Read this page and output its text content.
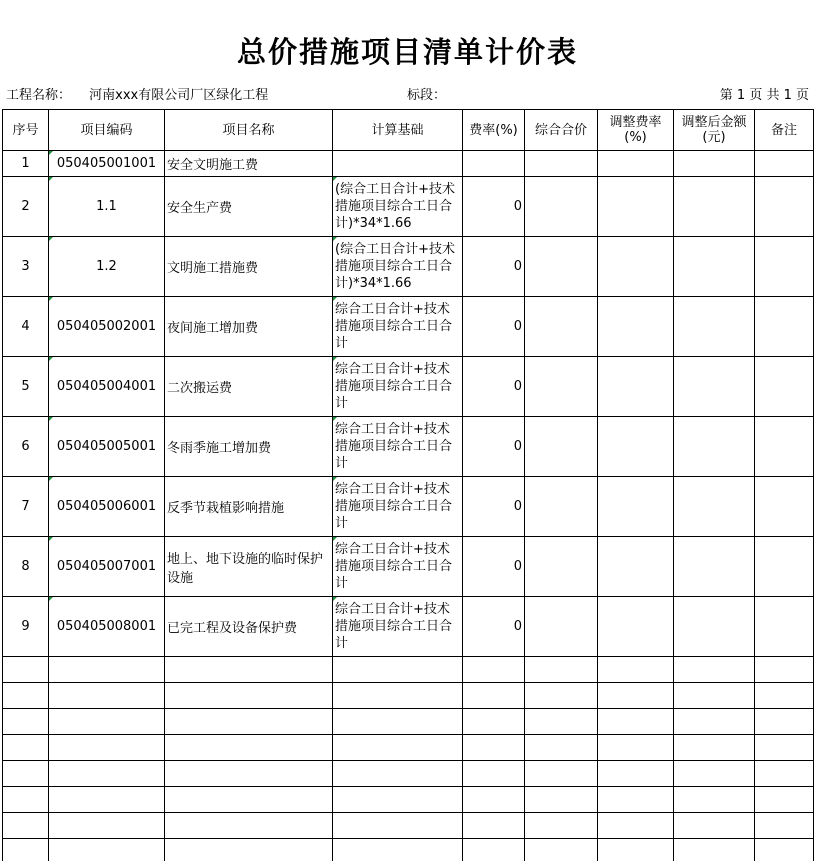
总价措施项目清单计价表
工程名称： 河南xxx有限公司厂区绿化工程	标段：	第 1 页 共 1 页
序号	项目编码	项目名称	计算基础	费率(%)	综合合价	调整费率(%)	调整后金额(元)	备注
1	050405001001	安全文明施工费						
2	1.1	安全生产费	(综合工日合计+技术措施项目综合工日合计)*34*1.66	0				
3	1.2	文明施工措施费	(综合工日合计+技术措施项目综合工日合计)*34*1.66	0				
4	050405002001	夜间施工增加费	综合工日合计+技术措施项目综合工日合计	0				
5	050405004001	二次搬运费	综合工日合计+技术措施项目综合工日合计	0				

6	050405005001	冬雨季施工增加费	综合工日合计+技术措施项目综合工日合计	0				
7	050405006001	反季节栽植影响措施	综合工日合计+技术措施项目综合工日合计	0				
8	050405007001	地上、地下设施的临时保护设施	综合工日合计+技术措施项目综合工日合计	0				
9	050405008001	已完工程及设备保护费	综合工日合计+技术措施项目综合工日合计	0				
